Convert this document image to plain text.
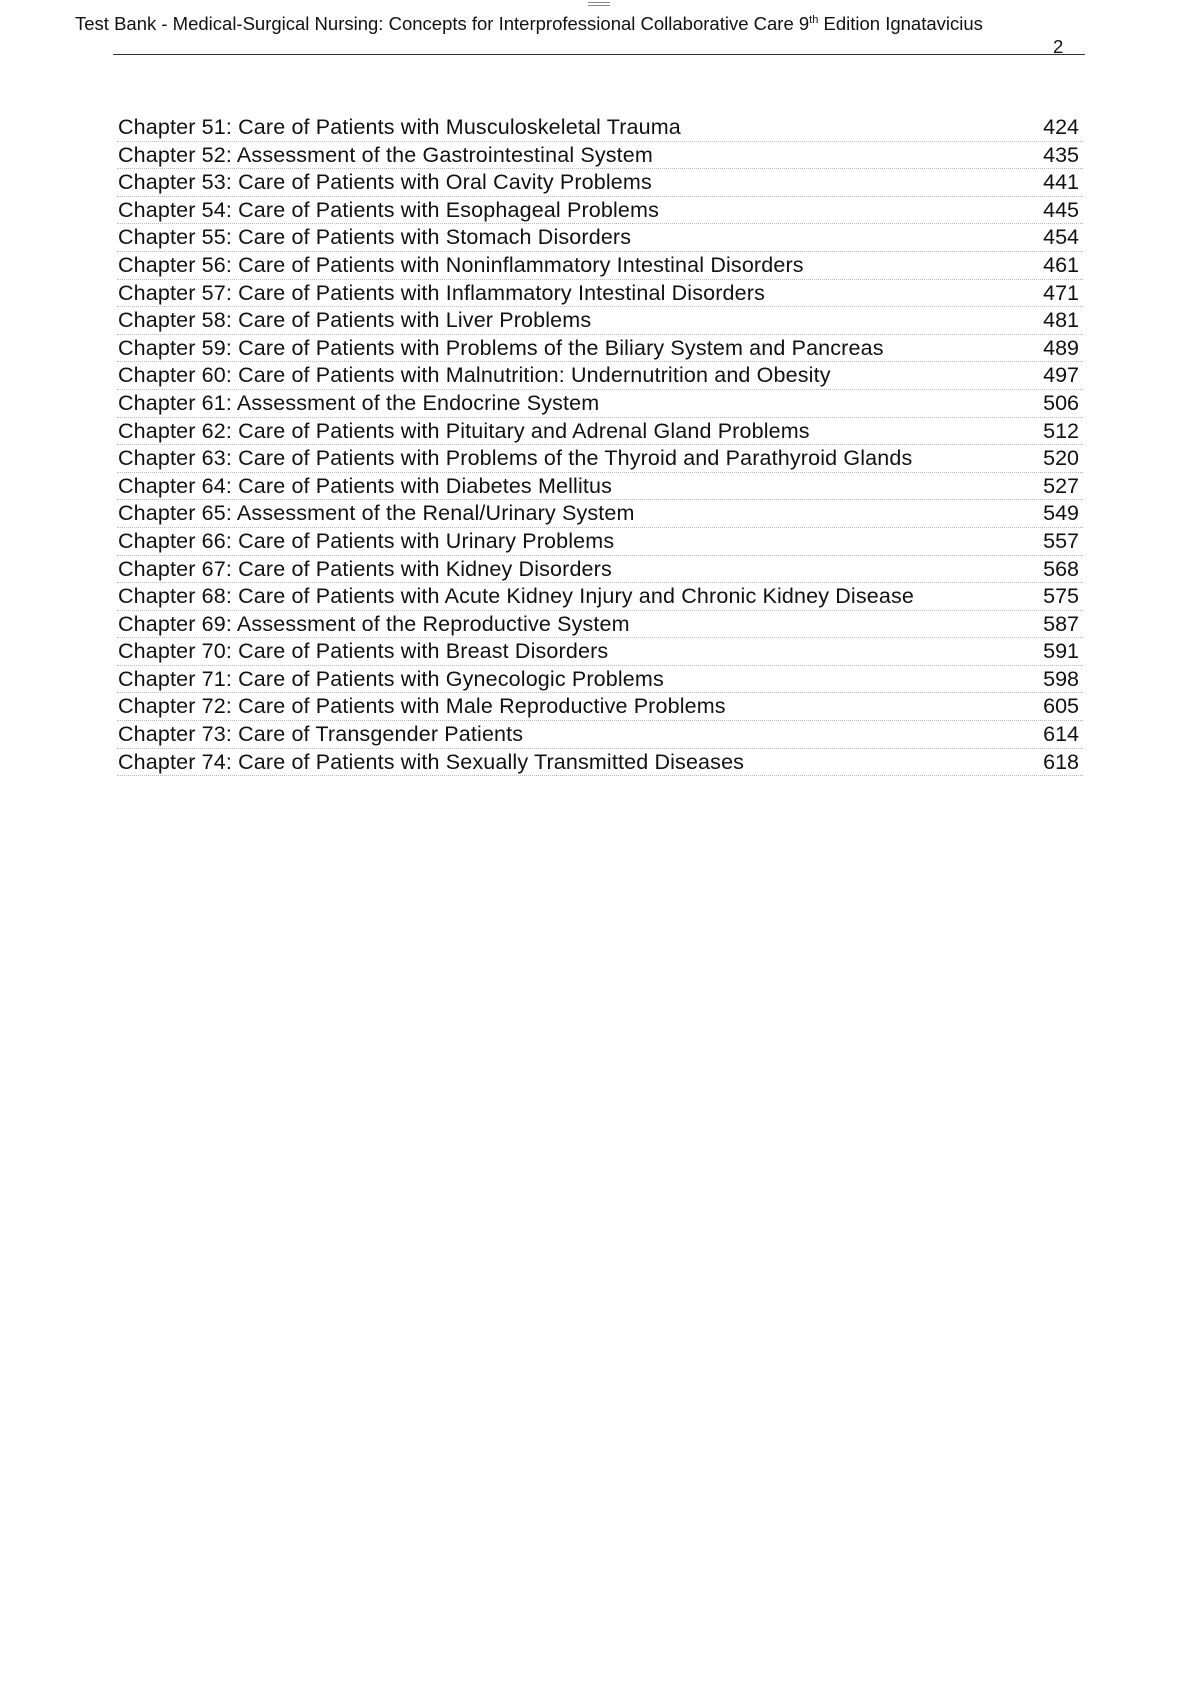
Test Bank - Medical-Surgical Nursing: Concepts for Interprofessional Collaborative Care 9th Edition Ignatavicius
2
Chapter 51: Care of Patients with Musculoskeletal Trauma	424
Chapter 52: Assessment of the Gastrointestinal System	435
Chapter 53: Care of Patients with Oral Cavity Problems	441
Chapter 54: Care of Patients with Esophageal Problems	445
Chapter 55: Care of Patients with Stomach Disorders	454
Chapter 56: Care of Patients with Noninflammatory Intestinal Disorders	461
Chapter 57: Care of Patients with Inflammatory Intestinal Disorders	471
Chapter 58: Care of Patients with Liver Problems	481
Chapter 59: Care of Patients with Problems of the Biliary System and Pancreas	489
Chapter 60: Care of Patients with Malnutrition: Undernutrition and Obesity	497
Chapter 61: Assessment of the Endocrine System	506
Chapter 62: Care of Patients with Pituitary and Adrenal Gland Problems	512
Chapter 63: Care of Patients with Problems of the Thyroid and Parathyroid Glands	520
Chapter 64: Care of Patients with Diabetes Mellitus	527
Chapter 65: Assessment of the Renal/Urinary System	549
Chapter 66: Care of Patients with Urinary Problems	557
Chapter 67: Care of Patients with Kidney Disorders	568
Chapter 68: Care of Patients with Acute Kidney Injury and Chronic Kidney Disease	575
Chapter 69: Assessment of the Reproductive System	587
Chapter 70: Care of Patients with Breast Disorders	591
Chapter 71: Care of Patients with Gynecologic Problems	598
Chapter 72: Care of Patients with Male Reproductive Problems	605
Chapter 73: Care of Transgender Patients	614
Chapter 74: Care of Patients with Sexually Transmitted Diseases	618
